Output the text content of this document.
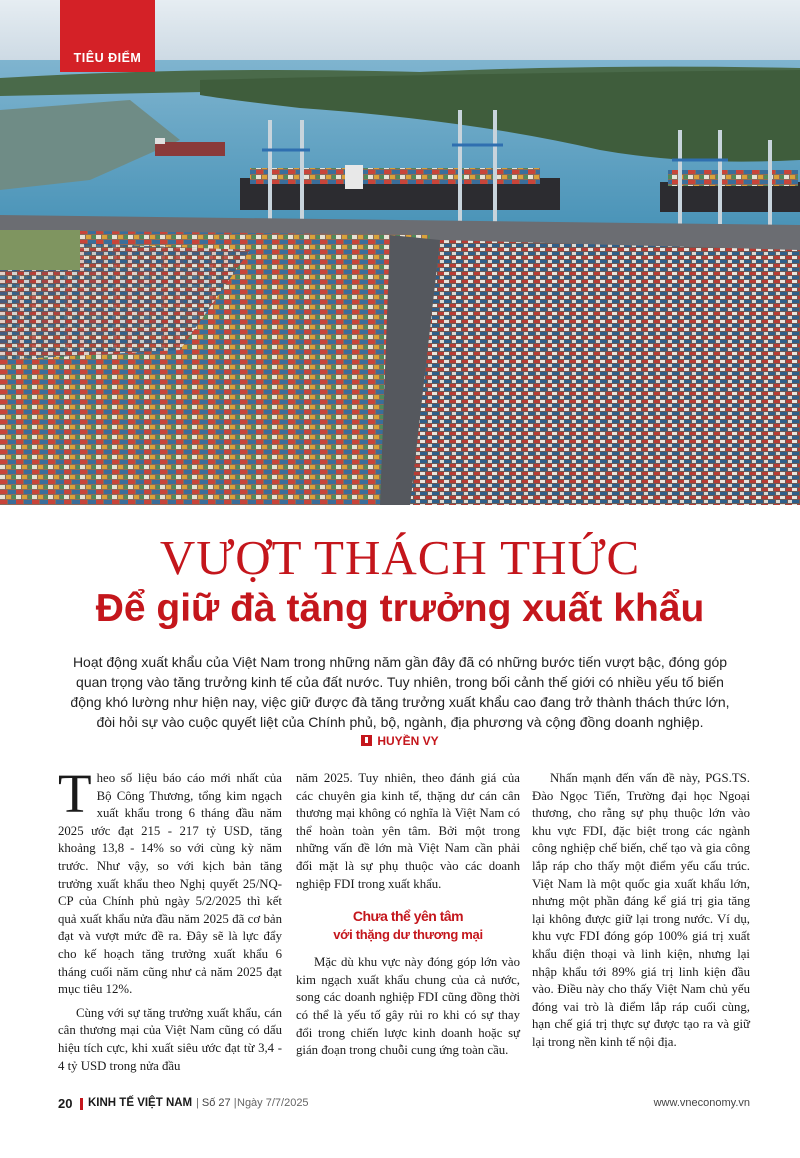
TIÊU ĐIỂM
VƯỢT THÁCH THỨC
Để giữ đà tăng trưởng xuất khẩu
Hoạt động xuất khẩu của Việt Nam trong những năm gần đây đã có những bước tiến vượt bậc, đóng góp quan trọng vào tăng trưởng kinh tế của đất nước. Tuy nhiên, trong bối cảnh thế giới có nhiều yếu tố biến động khó lường như hiện nay, việc giữ được đà tăng trưởng xuất khẩu cao đang trở thành thách thức lớn, đòi hỏi sự vào cuộc quyết liệt của Chính phủ, bộ, ngành, địa phương và cộng đồng doanh nghiệp.
HUYỀN VY

Theo số liệu báo cáo mới nhất của Bộ Công Thương, tổng kim ngạch xuất khẩu trong 6 tháng đầu năm 2025 ước đạt 215 - 217 tỷ USD, tăng khoảng 13,8 - 14% so với cùng kỳ năm trước. Như vậy, so với kịch bản tăng trưởng xuất khẩu theo Nghị quyết 25/NQ-CP của Chính phủ ngày 5/2/2025 thì kết quả xuất khẩu nửa đầu năm 2025 đã cơ bản đạt và vượt mức đề ra. Đây sẽ là lực đẩy cho kế hoạch tăng trưởng xuất khẩu 6 tháng cuối năm cũng như cả năm 2025 đạt mục tiêu 12%.

Cùng với sự tăng trưởng xuất khẩu, cán cân thương mại của Việt Nam cũng có dấu hiệu tích cực, khi xuất siêu ước đạt từ 3,4 - 4 tỷ USD trong nửa đầu

năm 2025. Tuy nhiên, theo đánh giá của các chuyên gia kinh tế, thặng dư cán cân thương mại không có nghĩa là Việt Nam có thể hoàn toàn yên tâm. Bởi một trong những vấn đề lớn mà Việt Nam cần phải đối mặt là sự phụ thuộc vào các doanh nghiệp FDI trong xuất khẩu.

Chưa thể yên tâm
với thặng dư thương mại

Mặc dù khu vực này đóng góp lớn vào kim ngạch xuất khẩu chung của cả nước, song các doanh nghiệp FDI cũng đồng thời có thể là yếu tố gây rủi ro khi có sự thay đổi trong chiến lược kinh doanh hoặc sự gián đoạn trong chuỗi cung ứng toàn cầu.

Nhấn mạnh đến vấn đề này, PGS.TS. Đào Ngọc Tiến, Trường đại học Ngoại thương, cho rằng sự phụ thuộc lớn vào khu vực FDI, đặc biệt trong các ngành công nghiệp chế biến, chế tạo và gia công lắp ráp cho thấy một điểm yếu cấu trúc. Việt Nam là một quốc gia xuất khẩu lớn, nhưng một phần đáng kể giá trị gia tăng lại không được giữ lại trong nước. Ví dụ, khu vực FDI đóng góp 100% giá trị xuất khẩu điện thoại và linh kiện, nhưng lại nhập khẩu tới 89% giá trị linh kiện đầu vào. Điều này cho thấy Việt Nam chủ yếu đóng vai trò là điểm lắp ráp cuối cùng, hạn chế giá trị thực sự được tạo ra và giữ lại trong nền kinh tế nội địa.

20 KINH TẾ VIỆT NAM | Số 27 | Ngày 7/7/2025	www.vneconomy.vn
